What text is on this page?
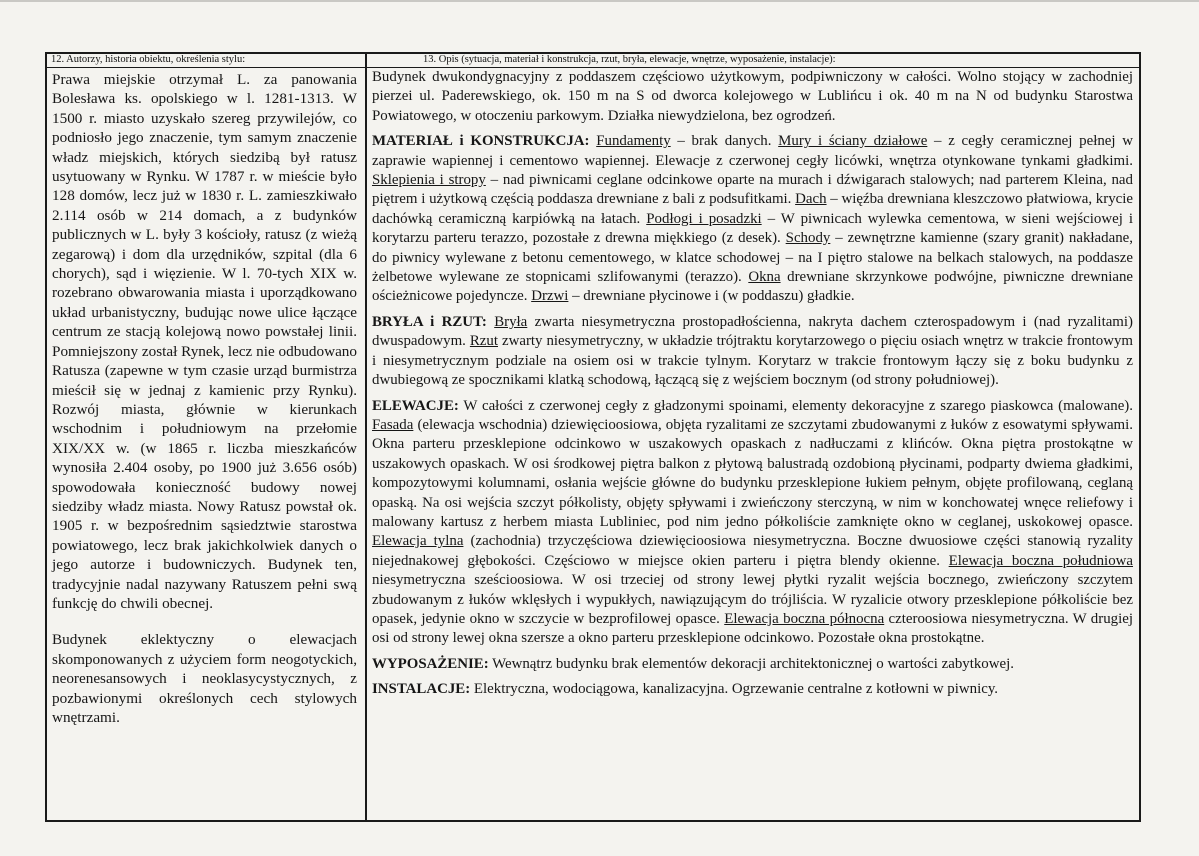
12. Autorzy, historia obiektu, określenia stylu:

Prawa miejskie otrzymał L. za panowania Bolesława ks. opolskiego w l. 1281-1313. W 1500 r. miasto uzyskało szereg przywilejów, co podniosło jego znaczenie, tym samym znaczenie władz miejskich, których siedzibą był ratusz usytuowany w Rynku. W 1787 r. w mieście było 128 domów, lecz już w 1830 r. L. zamieszkiwało 2.114 osób w 214 domach, a z budynków publicznych w L. były 3 kościoły, ratusz (z wieżą zegarową) i dom dla urzędników, szpital (dla 6 chorych), sąd i więzienie. W l. 70-tych XIX w. rozebrano obwarowania miasta i uporządkowano układ urbanistyczny, budując nowe ulice łączące centrum ze stacją kolejową nowo powstałej linii. Pomniejszony został Rynek, lecz nie odbudowano Ratusza (zapewne w tym czasie urząd burmistrza mieścił się w jednaj z kamienic przy Rynku). Rozwój miasta, głównie w kierunkach wschodnim i południowym na przełomie XIX/XX w. (w 1865 r. liczba mieszkańców wynosiła 2.404 osoby, po 1900 już 3.656 osób) spowodowała konieczność budowy nowej siedziby władz miasta. Nowy Ratusz powstał ok. 1905 r. w bezpośrednim sąsiedztwie starostwa powiatowego, lecz brak jakichkolwiek danych o jego autorze i budowniczych. Budynek ten, tradycyjnie nadal nazywany Ratuszem pełni swą funkcję do chwili obecnej.

Budynek eklektyczny o elewacjach skomponowanych z użyciem form neogotyckich, neorenesansowych i neoklasycystycznych, z pozbawionymi określonych cech stylowych wnętrzami.

13. Opis (sytuacja, materiał i konstrukcja, rzut, bryła, elewacje, wnętrze, wyposażenie, instalacje):

Budynek dwukondygnacyjny z poddaszem częściowo użytkowym, podpiwniczony w całości. Wolno stojący w zachodniej pierzei ul. Paderewskiego, ok. 150 m na S od dworca kolejowego w Lublińcu i ok. 40 m na N od budynku Starostwa Powiatowego, w otoczeniu parkowym. Działka niewydzielona, bez ogrodzeń.

MATERIAŁ i KONSTRUKCJA: Fundamenty – brak danych. Mury i ściany działowe – z cegły ceramicznej pełnej w zaprawie wapiennej i cementowo wapiennej. Elewacje z czerwonej cegły licówki, wnętrza otynkowane tynkami gładkimi. Sklepienia i stropy – nad piwnicami ceglane odcinkowe oparte na murach i dźwigarach stalowych; nad parterem Kleina, nad piętrem i użytkową częścią poddasza drewniane z bali z podsufitkami. Dach – więźba drewniana kleszczowo płatwiowa, krycie dachówką ceramiczną karpiówką na łatach. Podłogi i posadzki – W piwnicach wylewka cementowa, w sieni wejściowej i korytarzu parteru terazzo, pozostałe z drewna miękkiego (z desek). Schody – zewnętrzne kamienne (szary granit) nakładane, do piwnicy wylewane z betonu cementowego, w klatce schodowej – na I piętro stalowe na belkach stalowych, na poddasze żelbetowe wylewane ze stopnicami szlifowanymi (terazzo). Okna drewniane skrzynkowe podwójne, piwniczne drewniane ościeżnicowe pojedyncze. Drzwi – drewniane płycinowe i (w poddaszu) gładkie.

BRYŁA i RZUT: Bryła zwarta niesymetryczna prostopadłościenna, nakryta dachem czterospadowym i (nad ryzalitami) dwuspadowym. Rzut zwarty niesymetryczny, w układzie trójtraktu korytarzowego o pięciu osiach wnętrz w trakcie frontowym i niesymetrycznym podziale na osiem osi w trakcie tylnym. Korytarz w trakcie frontowym łączy się z boku budynku z dwubiegową ze spocznikami klatką schodową, łączącą się z wejściem bocznym (od strony południowej).

ELEWACJE: W całości z czerwonej cegły z gładzonymi spoinami, elementy dekoracyjne z szarego piaskowca (malowane). Fasada (elewacja wschodnia) dziewięcioosiowa, objęta ryzalitami ze szczytami zbudowanymi z łuków z esowatymi spływami. Okna parteru przesklepione odcinkowo w uszakowych opaskach z nadłuczami z klińców. Okna piętra prostokątne w uszakowych opaskach. W osi środkowej piętra balkon z płytową balustradą ozdobioną płycinami, podparty dwiema gładkimi, kompozytowymi kolumnami, osłania wejście główne do budynku przesklepione łukiem pełnym, objęte profilowaną, ceglaną opaską. Na osi wejścia szczyt półkolisty, objęty spływami i zwieńczony sterczyną, w nim w konchowatej wnęce reliefowy i malowany kartusz z herbem miasta Lubliniec, pod nim jedno półkoliście zamknięte okno w ceglanej, uskokowej opasce. Elewacja tylna (zachodnia) trzyczęściowa dziewięcioosiowa niesymetryczna. Boczne dwuosiowe części stanowią ryzality niejednakowej głębokości. Częściowo w miejsce okien parteru i piętra blendy okienne. Elewacja boczna południowa niesymetryczna sześcioosiowa. W osi trzeciej od strony lewej płytki ryzalit wejścia bocznego, zwieńczony szczytem zbudowanym z łuków wklęsłych i wypukłych, nawiązującym do trójliścia. W ryzalicie otwory przesklepione półkoliście bez opasek, jedynie okno w szczycie w bezprofilowej opasce. Elewacja boczna północna czteroosiowa niesymetryczna. W drugiej osi od strony lewej okna szersze a okno parteru przesklepione odcinkowo. Pozostałe okna prostokątne.

WYPOSAŻENIE: Wewnątrz budynku brak elementów dekoracji architektonicznej o wartości zabytkowej.

INSTALACJE: Elektryczna, wodociągowa, kanalizacyjna. Ogrzewanie centralne z kotłowni w piwnicy.
